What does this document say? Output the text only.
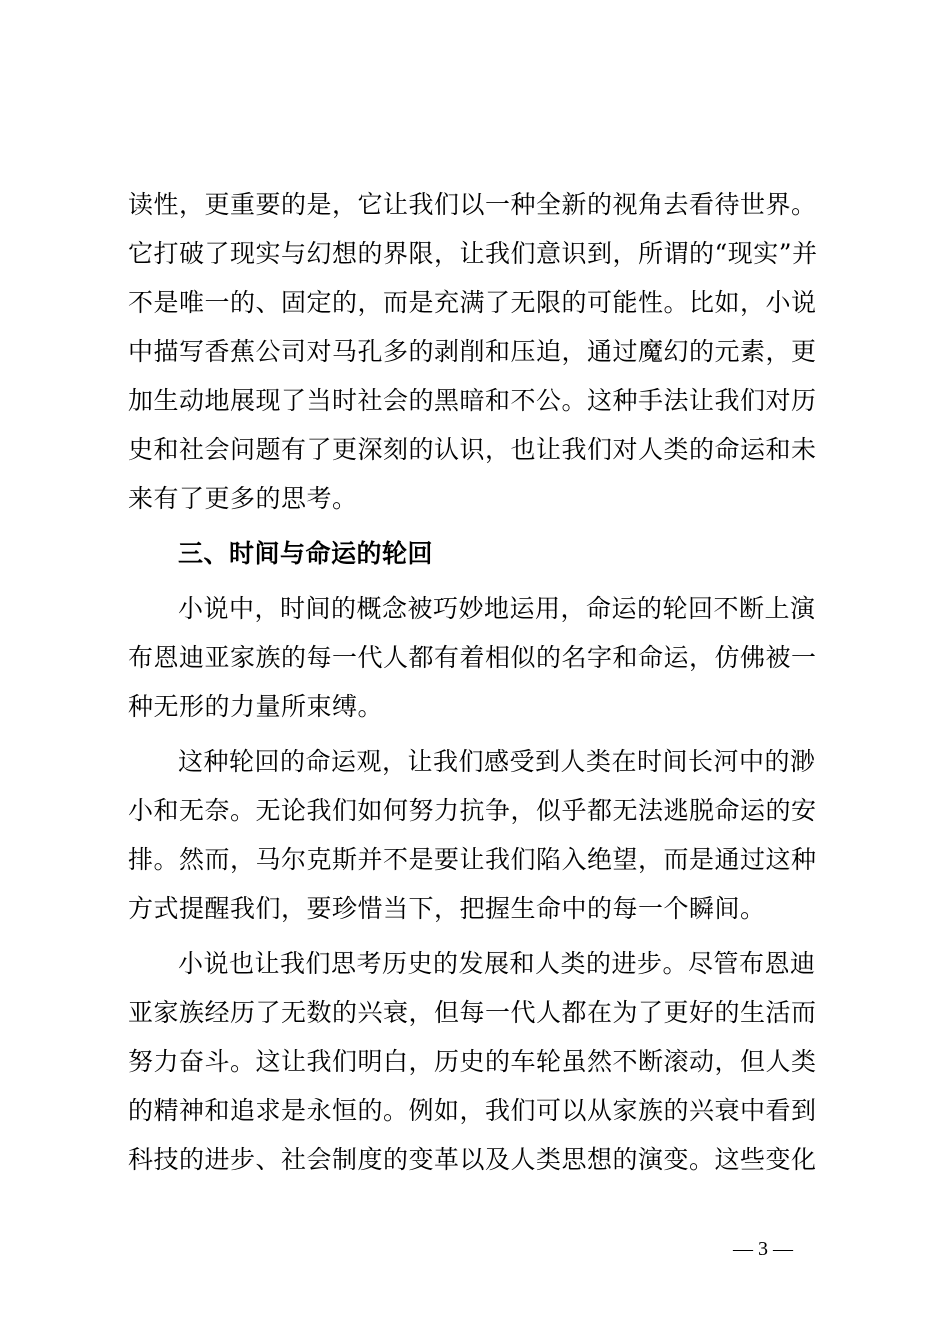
读性，更重要的是，它让我们以一种全新的视角去看待世界。
它打破了现实与幻想的界限，让我们意识到，所谓的“现实”并
不是唯一的、固定的，而是充满了无限的可能性。比如，小说
中描写香蕉公司对马孔多的剥削和压迫，通过魔幻的元素，更
加生动地展现了当时社会的黑暗和不公。这种手法让我们对历
史和社会问题有了更深刻的认识，也让我们对人类的命运和未
来有了更多的思考。
三、时间与命运的轮回
小说中，时间的概念被巧妙地运用，命运的轮回不断上演
布恩迪亚家族的每一代人都有着相似的名字和命运，仿佛被一
种无形的力量所束缚。
这种轮回的命运观，让我们感受到人类在时间长河中的渺
小和无奈。无论我们如何努力抗争，似乎都无法逃脱命运的安
排。然而，马尔克斯并不是要让我们陷入绝望，而是通过这种
方式提醒我们，要珍惜当下，把握生命中的每一个瞬间。
小说也让我们思考历史的发展和人类的进步。尽管布恩迪
亚家族经历了无数的兴衰，但每一代人都在为了更好的生活而
努力奋斗。这让我们明白，历史的车轮虽然不断滚动，但人类
的精神和追求是永恒的。例如，我们可以从家族的兴衰中看到
科技的进步、社会制度的变革以及人类思想的演变。这些变化
— 3 —
